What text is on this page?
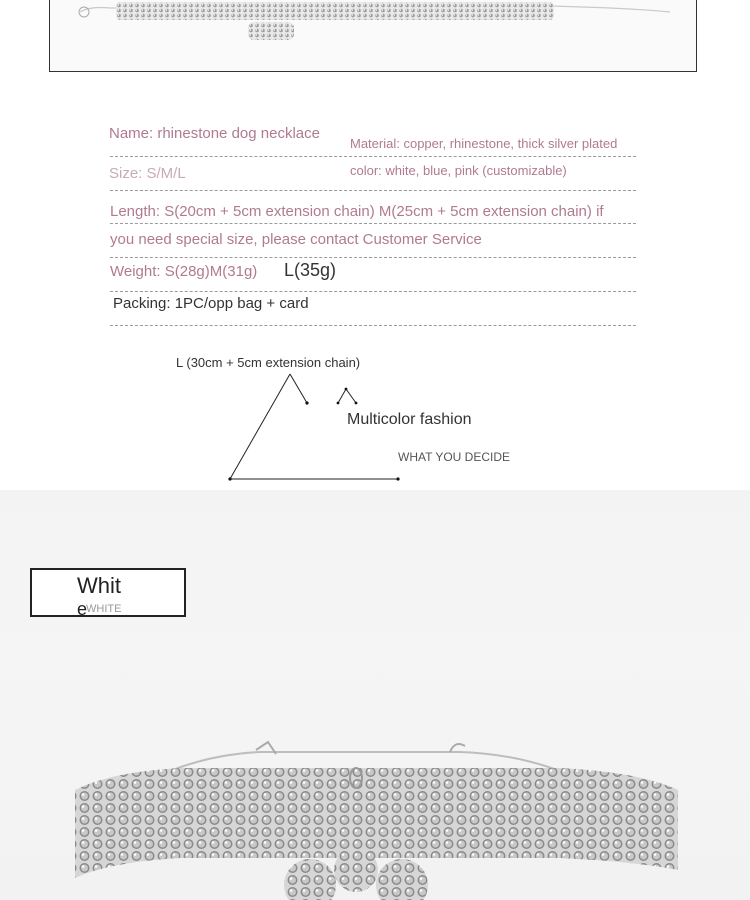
Name: rhinestone dog necklace
Material: copper, rhinestone, thick silver plated
Size: S/M/L	color: white, blue, pink (customizable)
Length: S(20cm + 5cm extension chain) M(25cm + 5cm extension chain) if
you need special size, please contact Customer Service
Weight: S(28g)M(31g) L(35g)
Packing: 1PC/opp bag + card
L (30cm + 5cm extension chain)
Multicolor fashion
WHAT YOU DECIDE
Whit
e
WHITE
